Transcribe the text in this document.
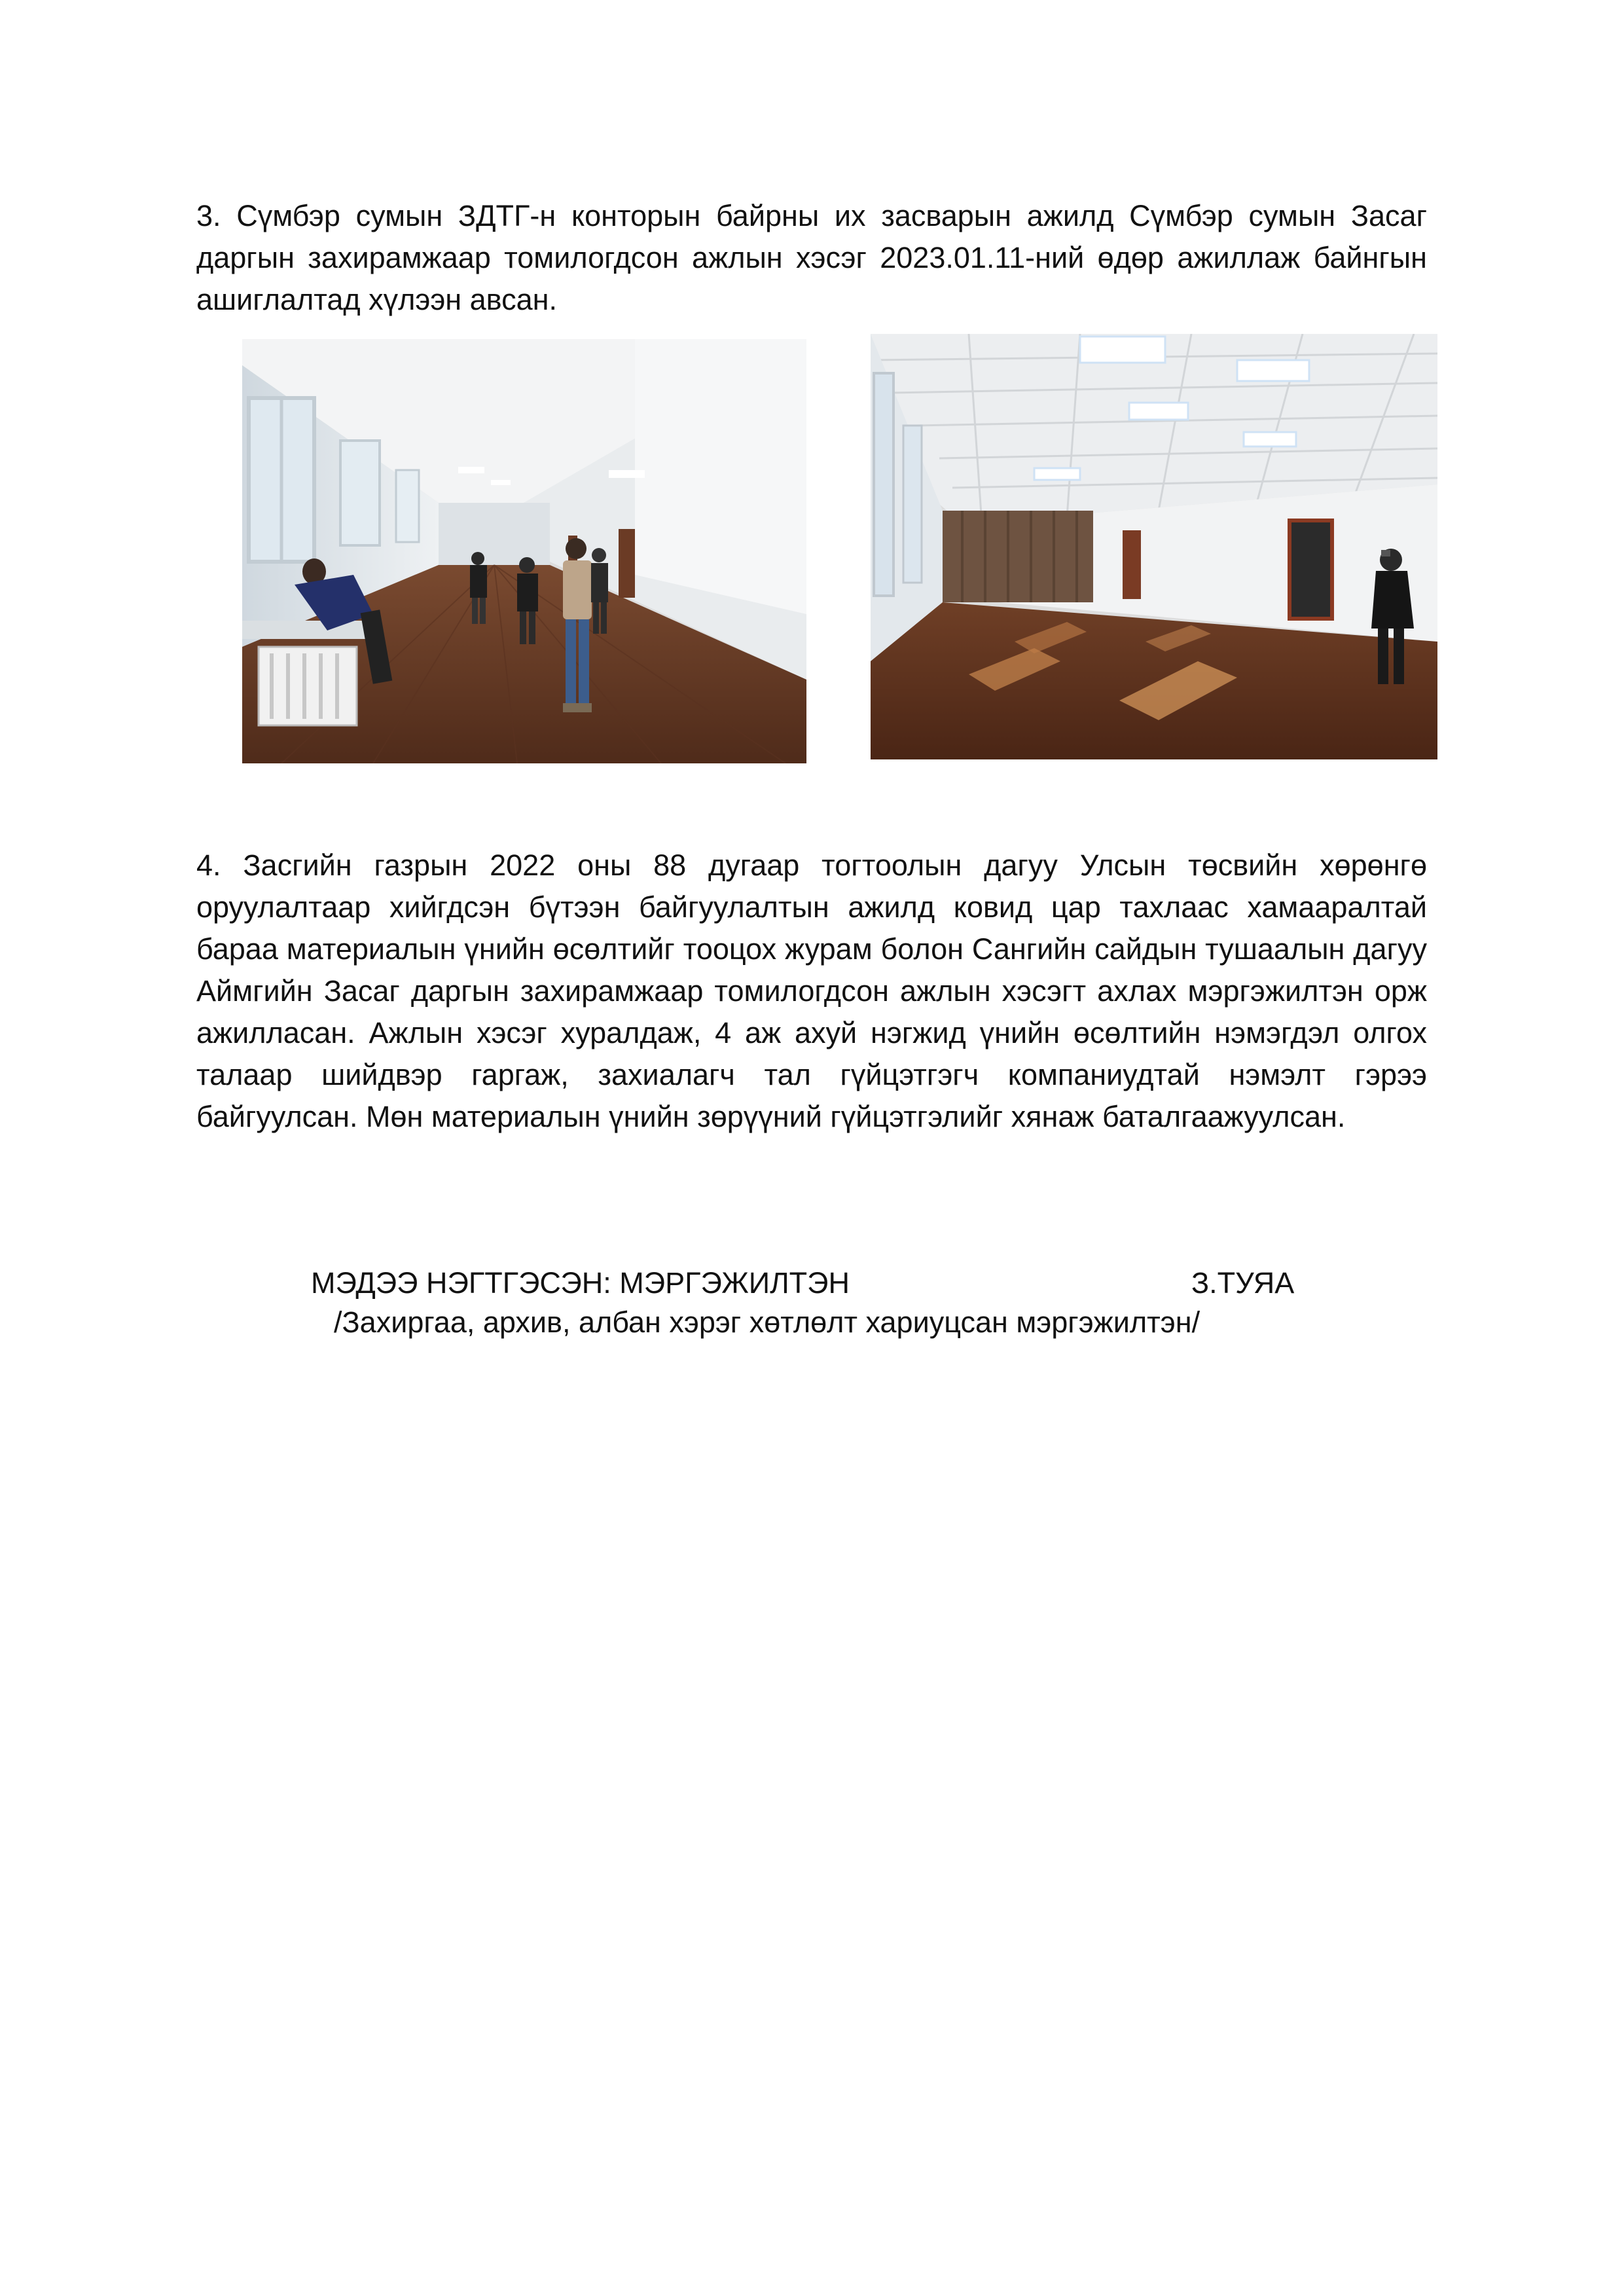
3. Сүмбэр сумын ЗДТГ-н конторын байрны их засварын ажилд Сүмбэр сумын Засаг даргын захирамжаар томилогдсон ажлын хэсэг 2023.01.11-ний өдөр ажиллаж байнгын ашиглалтад хүлээн авсан.

4. Засгийн газрын 2022 оны 88 дугаар тогтоолын дагуу Улсын төсвийн хөрөнгө оруулалтаар хийгдсэн бүтээн байгуулалтын ажилд ковид цар тахлаас хамааралтай бараа материалын үнийн өсөлтийг тооцох журам болон Сангийн сайдын тушаалын дагуу Аймгийн Засаг даргын захирамжаар томилогдсон ажлын хэсэгт ахлах мэргэжилтэн орж ажилласан. Ажлын хэсэг хуралдаж, 4 аж ахуй нэгжид үнийн өсөлтийн нэмэгдэл олгох талаар шийдвэр гаргаж, захиалагч тал гүйцэтгэгч компаниудтай нэмэлт гэрээ байгуулсан. Мөн материалын үнийн зөрүүний гүйцэтгэлийг хянаж баталгаажуулсан.

МЭДЭЭ НЭГТГЭСЭН: МЭРГЭЖИЛТЭН	З.ТУЯА
/Захиргаа, архив, албан хэрэг хөтлөлт хариуцсан мэргэжилтэн/
